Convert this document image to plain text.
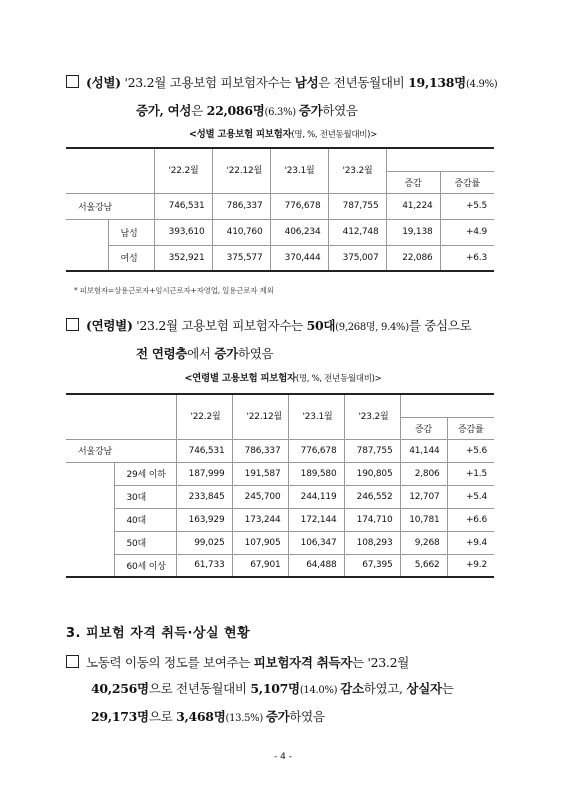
(성별) '23.2월 고용보험 피보험자수는 남성은 전년동월대비 19,138명(4.9%)
증가, 여성은 22,086명(6.3%) 증가하였음
<성별 고용보험 피보험자(명, %, 전년동월대비)>
		'22.2월	'22.12월	'23.1월	'23.2월		
						증감	증감률
서울강남		746,531	786,337	776,678	787,755	41,224	+5.5
	남성	393,610	410,760	406,234	412,748	19,138	+4.9
	여성	352,921	375,577	370,444	375,007	22,086	+6.3
* 피보험자=상용근로자+임시근로자+자영업, 일용근로자 제외
(연령별) '23.2월 고용보험 피보험자수는 50대(9,268명, 9.4%)를 중심으로
전 연령층에서 증가하였음
<연령별 고용보험 피보험자(명, %, 전년동월대비)>
		'22.2월	'22.12월	'23.1월	'23.2월		
						증감	증감률
서울강남		746,531	786,337	776,678	787,755	41,144	+5.6
	29세 이하	187,999	191,587	189,580	190,805	2,806	+1.5
	30대	233,845	245,700	244,119	246,552	12,707	+5.4
	40대	163,929	173,244	172,144	174,710	10,781	+6.6
	50대	99,025	107,905	106,347	108,293	9,268	+9.4
	60세 이상	61,733	67,901	64,488	67,395	5,662	+9.2
3. 피보험 자격 취득·상실 현황
노동력 이동의 정도를 보여주는 피보험자격 취득자는 '23.2월
40,256명으로 전년동월대비 5,107명(14.0%) 감소하였고, 상실자는
29,173명으로 3,468명(13.5%) 증가하였음
- 4 -
